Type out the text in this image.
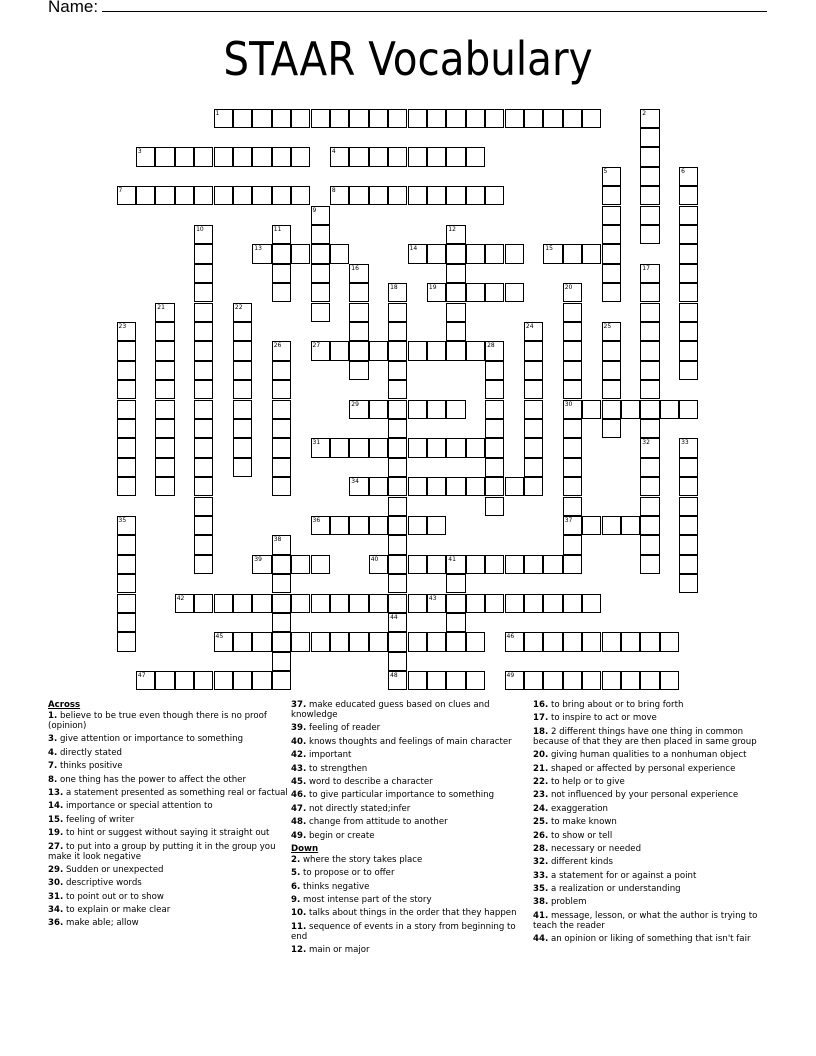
Name:
STAAR Vocabulary
1
3	4
7	8
13	14	15
19
27	28
29	30
31
34
36	37
39	40	41
42	43
45	46
47	48	49
2
5	6
9
10	11	12
16	17
32
18	20
21	22
23	24	25
26
33
35
38
44
Across
1. believe to be true even though there is no proof (opinion)
3. give attention or importance to something
4. directly stated
7. thinks positive
8. one thing has the power to affect the other
13. a statement presented as something real or factual
14. importance or special attention to
15. feeling of writer
19. to hint or suggest without saying it straight out
27. to put into a group by putting it in the group you make it look negative
29. Sudden or unexpected
30. descriptive words
31. to point out or to show
34. to explain or make clear
36. make able; allow
37. make educated guess based on clues and knowledge
39. feeling of reader
40. knows thoughts and feelings of main character
42. important
43. to strengthen
45. word to describe a character
46. to give particular importance to something
47. not directly stated;infer
48. change from attitude to another
49. begin or create
Down
2. where the story takes place
5. to propose or to offer
6. thinks negative
9. most intense part of the story
10. talks about things in the order that they happen
11. sequence of events in a story from beginning to end
12. main or major
16. to bring about or to bring forth
17. to inspire to act or move
18. 2 different things have one thing in common because of that they are then placed in same group
20. giving human qualities to a nonhuman object
21. shaped or affected by personal experience
22. to help or to give
23. not influenced by your personal experience
24. exaggeration
25. to make known
26. to show or tell
28. necessary or needed
32. different kinds
33. a statement for or against a point
35. a realization or understanding
38. problem
41. message, lesson, or what the author is trying to teach the reader
44. an opinion or liking of something that isn't fair
